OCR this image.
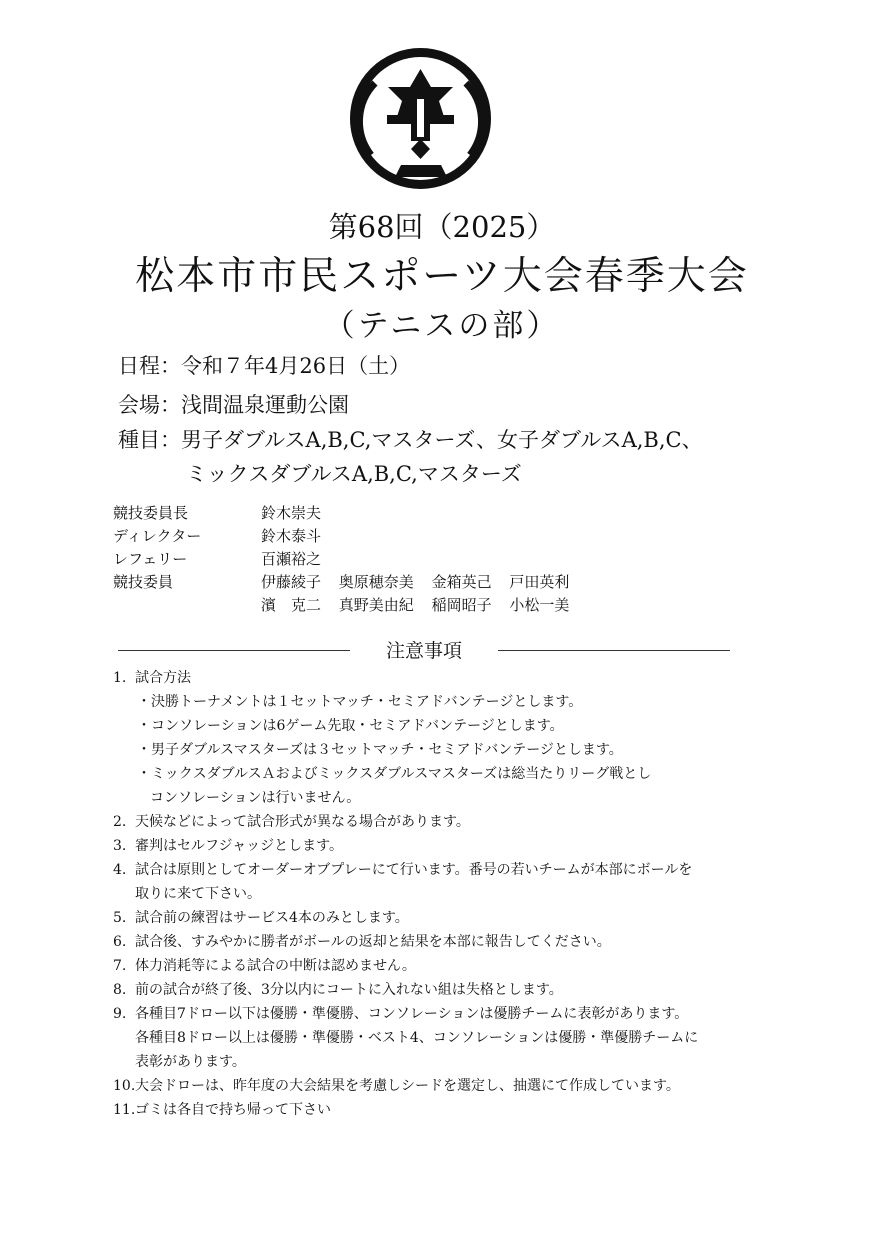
第68回（2025）
松本市市民スポーツ大会春季大会
（テニスの部）
日程：令和７年4月26日（土）
会場：浅間温泉運動公園
種目：男子ダブルスA,B,C,マスターズ、女子ダブルスA,B,C、
ミックスダブルスA,B,C,マスターズ
競技委員長	鈴木崇夫
ディレクター	鈴木泰斗
レフェリー	百瀬裕之
競技委員	伊藤綾子 奥原穂奈美 金箱英己 戸田英利
濱　克二 真野美由紀 稲岡昭子 小松一美
注意事項
1. 試合方法
・決勝トーナメントは１セットマッチ・セミアドバンテージとします。
・コンソレーションは6ゲーム先取・セミアドバンテージとします。
・男子ダブルスマスターズは３セットマッチ・セミアドバンテージとします。
・ミックスダブルスＡおよびミックスダブルスマスターズは総当たりリーグ戦とし
コンソレーションは行いません。
2. 天候などによって試合形式が異なる場合があります。
3. 審判はセルフジャッジとします。
4. 試合は原則としてオーダーオブプレーにて行います。番号の若いチームが本部にボールを
取りに来て下さい。
5. 試合前の練習はサービス4本のみとします。
6. 試合後、すみやかに勝者がボールの返却と結果を本部に報告してください。
7. 体力消耗等による試合の中断は認めません。
8. 前の試合が終了後、3分以内にコートに入れない組は失格とします。
9. 各種目7ドロー以下は優勝・準優勝、コンソレーションは優勝チームに表彰があります。
各種目8ドロー以上は優勝・準優勝・ベスト4、コンソレーションは優勝・準優勝チームに
表彰があります。
10.大会ドローは、昨年度の大会結果を考慮しシードを選定し、抽選にて作成しています。
11.ゴミは各自で持ち帰って下さい
